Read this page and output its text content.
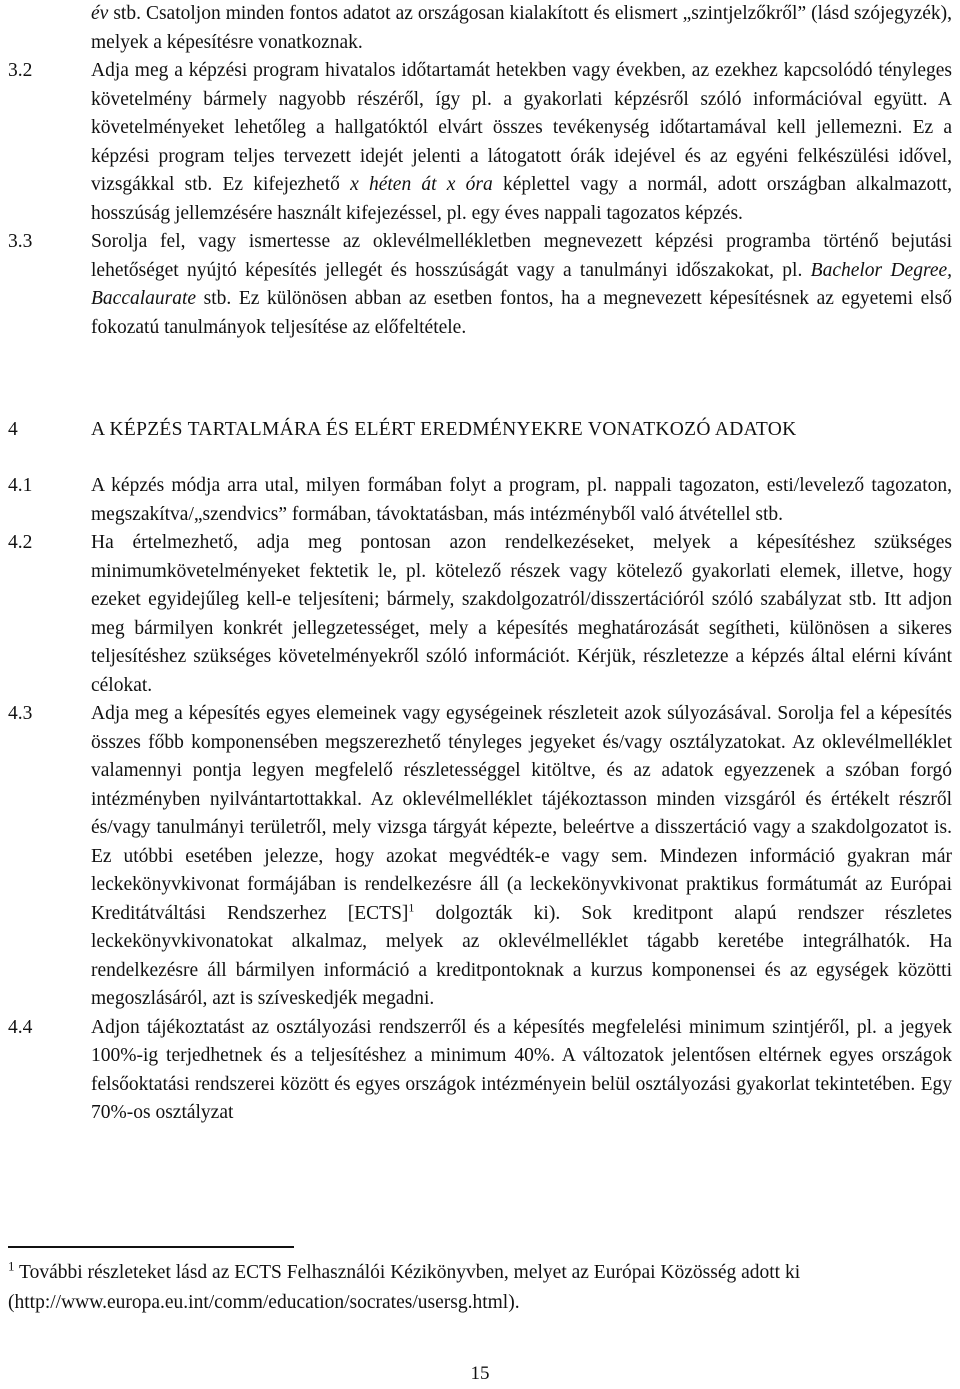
év stb. Csatoljon minden fontos adatot az országosan kialakított és elismert „szintjelzőkről” (lásd szójegyzék), melyek a képesítésre vonatkoznak.

3.2	Adja meg a képzési program hivatalos időtartamát hetekben vagy években, az ezekhez kapcsolódó tényleges követelmény bármely nagyobb részéről, így pl. a gyakorlati képzésről szóló információval együtt. A követelményeket lehetőleg a hallgatóktól elvárt összes tevékenység időtartamával kell jellemezni. Ez a képzési program teljes tervezett idejét jelenti a látogatott órák idejével és az egyéni felkészülési idővel, vizsgákkal stb. Ez kifejezhető x héten át x óra képlettel vagy a normál, adott országban alkalmazott, hosszúság jellemzésére használt kifejezéssel, pl. egy éves nappali tagozatos képzés.

3.3	Sorolja fel, vagy ismertesse az oklevélmellékletben megnevezett képzési programba történő bejutási lehetőséget nyújtó képesítés jellegét és hosszúságát vagy a tanulmányi időszakokat, pl. Bachelor Degree, Baccalaurate stb. Ez különösen abban az esetben fontos, ha a megnevezett képesítésnek az egyetemi első fokozatú tanulmányok teljesítése az előfeltétele.

4	A KÉPZÉS TARTALMÁRA ÉS ELÉRT EREDMÉNYEKRE VONATKOZÓ ADATOK
4.1	A képzés módja arra utal, milyen formában folyt a program, pl. nappali tagozaton, esti/levelező tagozaton, megszakítva/„szendvics” formában, távoktatásban, más intézményből való átvétellel stb.

4.2	Ha értelmezhető, adja meg pontosan azon rendelkezéseket, melyek a képesítéshez szükséges minimumkövetelményeket fektetik le, pl. kötelező részek vagy kötelező gyakorlati elemek, illetve, hogy ezeket egyidejűleg kell-e teljesíteni; bármely, szakdolgozatról/disszertációról szóló szabályzat stb. Itt adjon meg bármilyen konkrét jellegzetességet, mely a képesítés meghatározását segítheti, különösen a sikeres teljesítéshez szükséges követelményekről szóló információt. Kérjük, részletezze a képzés által elérni kívánt célokat.

4.3	Adja meg a képesítés egyes elemeinek vagy egységeinek részleteit azok súlyozásával. Sorolja fel a képesítés összes főbb komponensében megszerezhető tényleges jegyeket és/vagy osztályzatokat. Az oklevélmelléklet valamennyi pontja legyen megfelelő részletességgel kitöltve, és az adatok egyezzenek a szóban forgó intézményben nyilvántartottakkal. Az oklevélmelléklet tájékoztasson minden vizsgáról és értékelt részről és/vagy tanulmányi területről, mely vizsga tárgyát képezte, beleértve a disszertáció vagy a szakdolgozatot is. Ez utóbbi esetében jelezze, hogy azokat megvédték-e vagy sem. Mindezen információ gyakran már leckekönyvkivonat formájában is rendelkezésre áll (a leckekönyvkivonat praktikus formátumát az Európai Kreditátváltási Rendszerhez [ECTS]$^1$ dolgozták ki). Sok kreditpont alapú rendszer részletes leckekönyvkivonatokat alkalmaz, melyek az oklevélmelléklet tágabb keretébe integrálhatók. Ha rendelkezésre áll bármilyen információ a kreditpontoknak a kurzus komponensei és az egységek közötti megoszlásáról, azt is szíveskedjék megadni.

4.4	Adjon tájékoztatást az osztályozási rendszerről és a képesítés megfelelési minimum szintjéről, pl. a jegyek 100%-ig terjedhetnek és a teljesítéshez a minimum 40%. A változatok jelentősen eltérnek egyes országok felsőoktatási rendszerei között és egyes országok intézményein belül osztályozási gyakorlat tekintetében. Egy 70%-os osztályzat

$^1$ További részleteket lásd az ECTS Felhasználói Kézikönyvben, melyet az Európai Közösség adott ki (http://www.europa.eu.int/comm/education/socrates/usersg.html).
15
